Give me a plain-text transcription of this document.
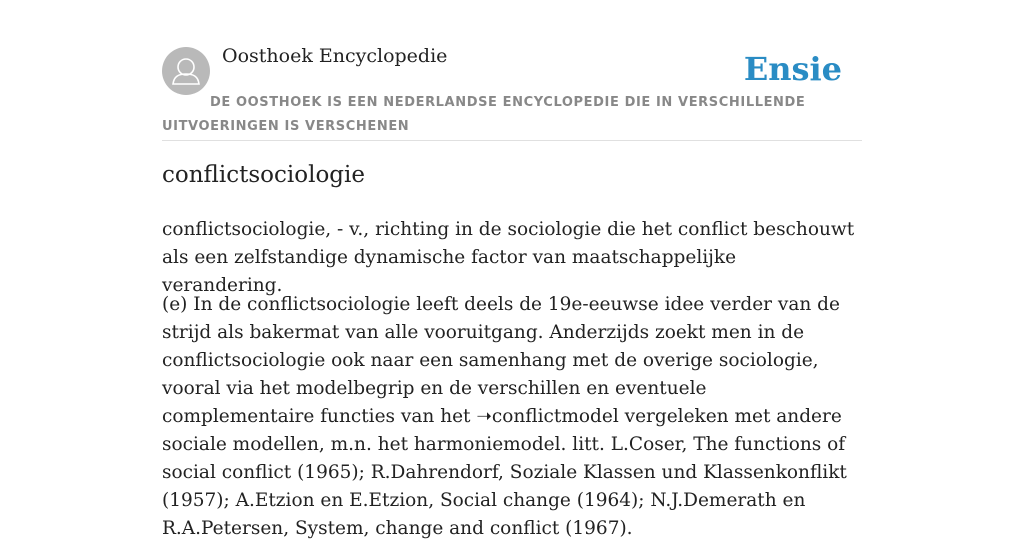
Oosthoek Encyclopedie	Ensie
DE OOSTHOEK IS EEN NEDERLANDSE ENCYCLOPEDIE DIE IN VERSCHILLENDE UITVOERINGEN IS VERSCHENEN
conflictsociologie

conflictsociologie, - v., richting in de sociologie die het conflict beschouwt als een zelfstandige dynamische factor van maatschappelijke verandering.

(e) In de conflictsociologie leeft deels de 19e-eeuwse idee verder van de strijd als bakermat van alle vooruitgang. Anderzijds zoekt men in de conflictsociologie ook naar een samenhang met de overige sociologie, vooral via het modelbegrip en de verschillen en eventuele complementaire functies van het ➝conflictmodel vergeleken met andere sociale modellen, m.n. het harmoniemodel. litt. L.Coser, The functions of social conflict (1965); R.Dahrendorf, Soziale Klassen und Klassenkonflikt (1957); A.Etzion en E.Etzion, Social change (1964); N.J.Demerath en R.A.Petersen, System, change and conflict (1967).
